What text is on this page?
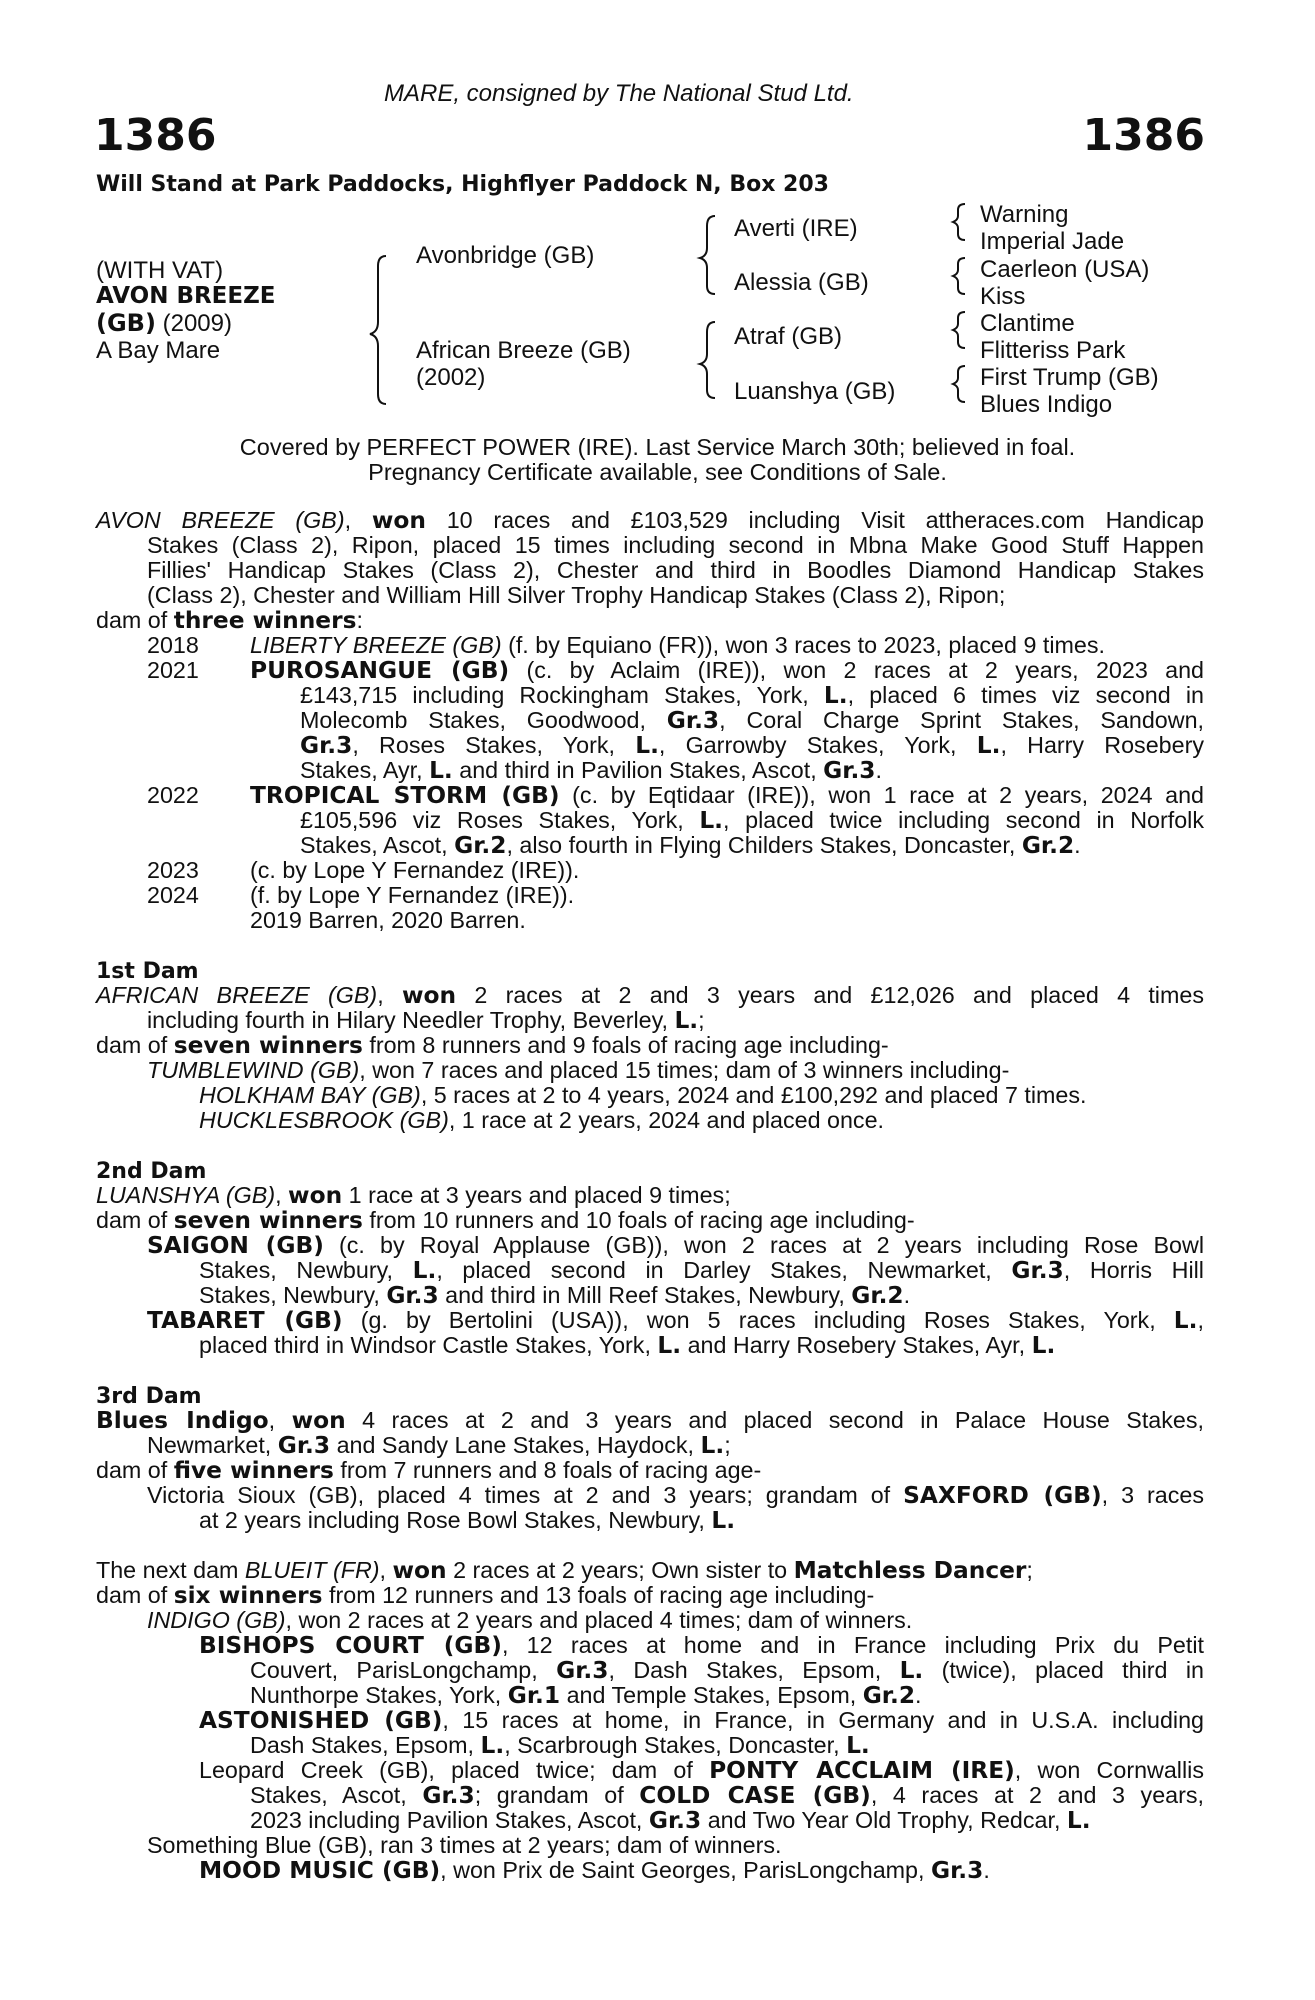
MARE, consigned by The National Stud Ltd.
1386	1386
Will Stand at Park Paddocks, Highflyer Paddock N, Box 203
(WITH VAT)
AVON BREEZE
(GB) (2009)
A Bay Mare
Avonbridge (GB)
African Breeze (GB)
(2002)
Averti (IRE)
Alessia (GB)
Atraf (GB)
Luanshya (GB)
Warning
Imperial Jade
Caerleon (USA)
Kiss
Clantime
Flitteriss Park
First Trump (GB)
Blues Indigo
Covered by PERFECT POWER (IRE). Last Service March 30th; believed in foal.
Pregnancy Certificate available, see Conditions of Sale.
AVON BREEZE (GB), won 10 races and £103,529 including Visit attheraces.com Handicap
Stakes (Class 2), Ripon, placed 15 times including second in Mbna Make Good Stuff Happen
Fillies' Handicap Stakes (Class 2), Chester and third in Boodles Diamond Handicap Stakes
(Class 2), Chester and William Hill Silver Trophy Handicap Stakes (Class 2), Ripon;
dam of three winners:
2018 LIBERTY BREEZE (GB) (f. by Equiano (FR)), won 3 races to 2023, placed 9 times.
2021 PUROSANGUE (GB) (c. by Aclaim (IRE)), won 2 races at 2 years, 2023 and
£143,715 including Rockingham Stakes, York, L., placed 6 times viz second in
Molecomb Stakes, Goodwood, Gr.3, Coral Charge Sprint Stakes, Sandown,
Gr.3, Roses Stakes, York, L., Garrowby Stakes, York, L., Harry Rosebery
Stakes, Ayr, L. and third in Pavilion Stakes, Ascot, Gr.3.
2022 TROPICAL STORM (GB) (c. by Eqtidaar (IRE)), won 1 race at 2 years, 2024 and
£105,596 viz Roses Stakes, York, L., placed twice including second in Norfolk
Stakes, Ascot, Gr.2, also fourth in Flying Childers Stakes, Doncaster, Gr.2.
2023 (c. by Lope Y Fernandez (IRE)).
2024 (f. by Lope Y Fernandez (IRE)).
2019 Barren, 2020 Barren.
1st Dam
AFRICAN BREEZE (GB), won 2 races at 2 and 3 years and £12,026 and placed 4 times
including fourth in Hilary Needler Trophy, Beverley, L.;
dam of seven winners from 8 runners and 9 foals of racing age including-
TUMBLEWIND (GB), won 7 races and placed 15 times; dam of 3 winners including-
HOLKHAM BAY (GB), 5 races at 2 to 4 years, 2024 and £100,292 and placed 7 times.
HUCKLESBROOK (GB), 1 race at 2 years, 2024 and placed once.
2nd Dam
LUANSHYA (GB), won 1 race at 3 years and placed 9 times;
dam of seven winners from 10 runners and 10 foals of racing age including-
SAIGON (GB) (c. by Royal Applause (GB)), won 2 races at 2 years including Rose Bowl
Stakes, Newbury, L., placed second in Darley Stakes, Newmarket, Gr.3, Horris Hill
Stakes, Newbury, Gr.3 and third in Mill Reef Stakes, Newbury, Gr.2.
TABARET (GB) (g. by Bertolini (USA)), won 5 races including Roses Stakes, York, L.,
placed third in Windsor Castle Stakes, York, L. and Harry Rosebery Stakes, Ayr, L.
3rd Dam
Blues Indigo, won 4 races at 2 and 3 years and placed second in Palace House Stakes,
Newmarket, Gr.3 and Sandy Lane Stakes, Haydock, L.;
dam of five winners from 7 runners and 8 foals of racing age-
Victoria Sioux (GB), placed 4 times at 2 and 3 years; grandam of SAXFORD (GB), 3 races
at 2 years including Rose Bowl Stakes, Newbury, L.
The next dam BLUEIT (FR), won 2 races at 2 years; Own sister to Matchless Dancer;
dam of six winners from 12 runners and 13 foals of racing age including-
INDIGO (GB), won 2 races at 2 years and placed 4 times; dam of winners.
BISHOPS COURT (GB), 12 races at home and in France including Prix du Petit
Couvert, ParisLongchamp, Gr.3, Dash Stakes, Epsom, L. (twice), placed third in
Nunthorpe Stakes, York, Gr.1 and Temple Stakes, Epsom, Gr.2.
ASTONISHED (GB), 15 races at home, in France, in Germany and in U.S.A. including
Dash Stakes, Epsom, L., Scarbrough Stakes, Doncaster, L.
Leopard Creek (GB), placed twice; dam of PONTY ACCLAIM (IRE), won Cornwallis
Stakes, Ascot, Gr.3; grandam of COLD CASE (GB), 4 races at 2 and 3 years,
2023 including Pavilion Stakes, Ascot, Gr.3 and Two Year Old Trophy, Redcar, L.
Something Blue (GB), ran 3 times at 2 years; dam of winners.
MOOD MUSIC (GB), won Prix de Saint Georges, ParisLongchamp, Gr.3.
